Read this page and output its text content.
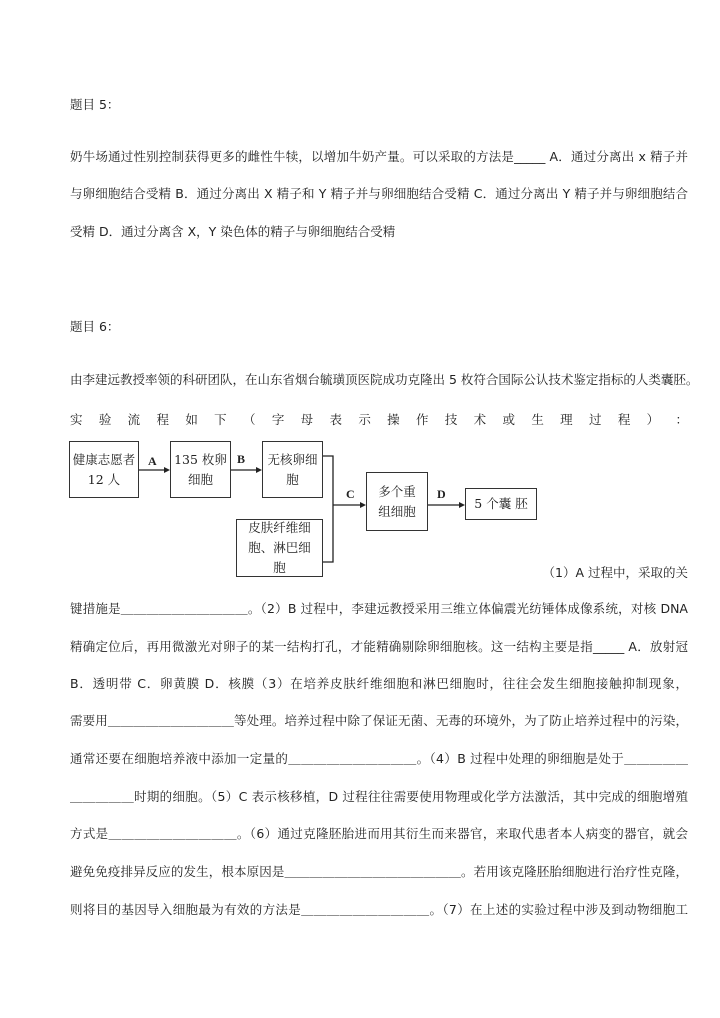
题目 5：
奶牛场通过性别控制获得更多的雌性牛犊，以增加牛奶产量。可以采取的方法是_____ A．通过分离出 x 精子并
与卵细胞结合受精 B．通过分离出 X 精子和 Y 精子并与卵细胞结合受精 C．通过分离出 Y 精子并与卵细胞结合
受精 D．通过分离含 X，Y 染色体的精子与卵细胞结合受精
题目 6：
由李建远教授率领的科研团队，在山东省烟台毓璜顶医院成功克隆出 5 枚符合国际公认技术鉴定指标的人类囊胚。
实 验 流 程 如 下 （ 字 母 表 示 操 作 技 术 或 生 理 过 程 ） ：
健康志愿者 12 人
135 枚卵细胞
无核卵细胞
皮肤纤维细胞、淋巴细胞
多个重组细胞	5 个囊 胚
A	B
C	D
（1）A 过程中，采取的关
键措施是＿＿＿＿＿＿＿＿＿＿。（2）B 过程中，李建远教授采用三维立体偏震光纺锤体成像系统，对核 DNA
精确定位后，再用微激光对卵子的某一结构打孔，才能精确剔除卵细胞核。这一结构主要是指_____ A．放射冠
B．透明带 C．卵黄膜 D．核膜（3）在培养皮肤纤维细胞和淋巴细胞时，往往会发生细胞接触抑制现象，
需要用＿＿＿＿＿＿＿＿＿＿等处理。培养过程中除了保证无菌、无毒的环境外，为了防止培养过程中的污染，
通常还要在细胞培养液中添加一定量的＿＿＿＿＿＿＿＿＿＿。（4）B 过程中处理的卵细胞是处于＿＿＿＿＿
＿＿＿＿＿时期的细胞。（5）C 表示核移植，D 过程往往需要使用物理或化学方法激活，其中完成的细胞增殖
方式是＿＿＿＿＿＿＿＿＿＿。（6）通过克隆胚胎进而用其衍生而来器官，来取代患者本人病变的器官，就会
避免免疫排异反应的发生，根本原因是＿＿＿＿＿＿＿＿＿＿＿＿＿＿。若用该克隆胚胎细胞进行治疗性克隆，
则将目的基因导入细胞最为有效的方法是＿＿＿＿＿＿＿＿＿＿。（7）在上述的实验过程中涉及到动物细胞工
